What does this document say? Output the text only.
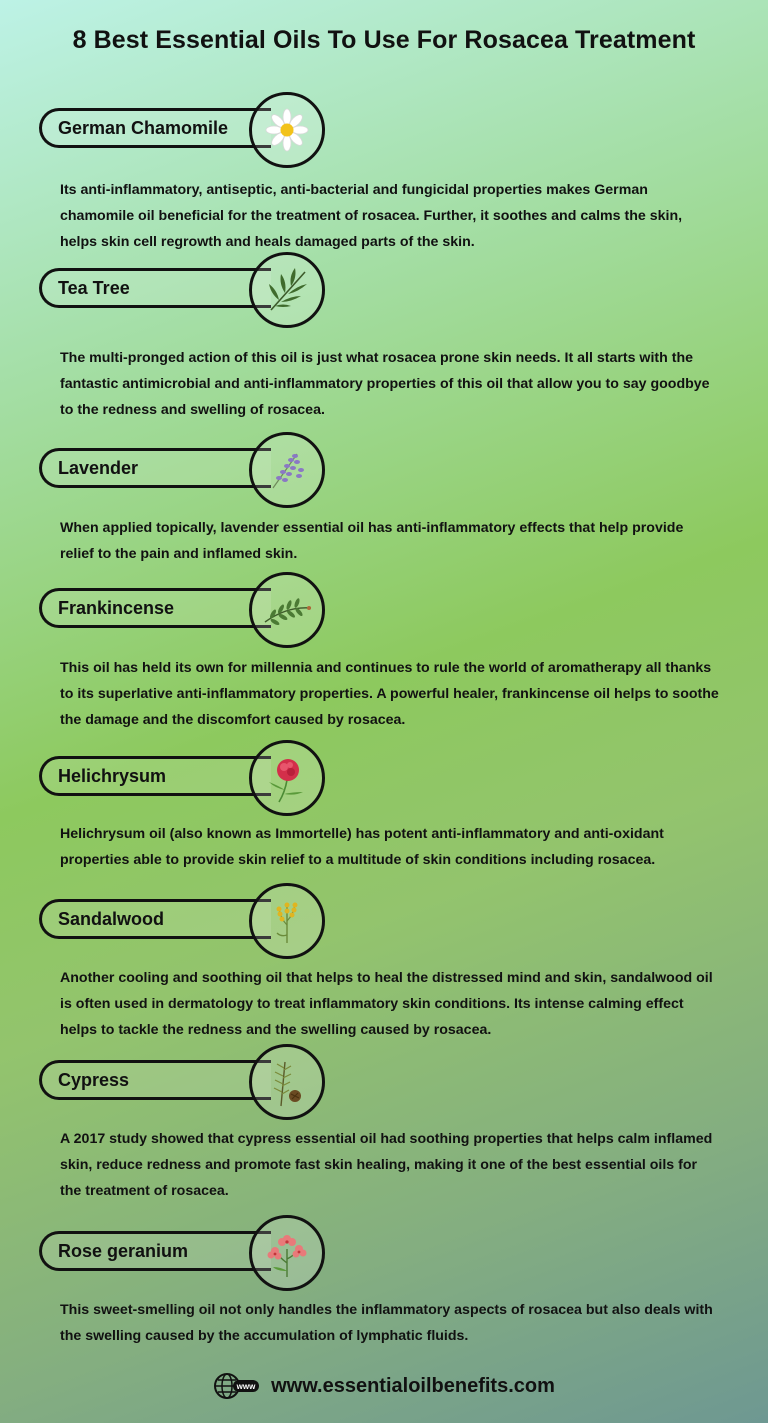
8 Best Essential Oils To Use For Rosacea Treatment
German Chamomile
Its anti-inflammatory, antiseptic, anti-bacterial and fungicidal properties makes German chamomile oil beneficial for the treatment of rosacea. Further, it soothes and calms the skin, helps skin cell regrowth and heals damaged parts of the skin.
Tea Tree
The multi-pronged action of this oil is just what rosacea prone skin needs. It all starts with the fantastic antimicrobial and anti-inflammatory properties of this oil that allow you to say goodbye to the redness and swelling of rosacea.
Lavender
When applied topically, lavender essential oil has anti-inflammatory effects that help provide relief to the pain and inflamed skin.
Frankincense
This oil has held its own for millennia and continues to rule the world of aromatherapy all thanks to its superlative anti-inflammatory properties. A powerful healer, frankincense oil helps to soothe the damage and the discomfort caused by rosacea.
Helichrysum
Helichrysum oil (also known as Immortelle) has potent anti-inflammatory and anti-oxidant properties able to provide skin relief to a multitude of skin conditions including rosacea.
Sandalwood
Another cooling and soothing oil that helps to heal the distressed mind and skin, sandalwood oil is often used in dermatology to treat inflammatory skin conditions. Its intense calming effect helps to tackle the redness and the swelling caused by rosacea.
Cypress
A 2017 study showed that cypress essential oil had soothing properties that helps calm inflamed skin, reduce redness and promote fast skin healing, making it one of the best essential oils for the treatment of rosacea.
Rose geranium
This sweet-smelling oil not only handles the inflammatory aspects of rosacea but also deals with the swelling caused by the accumulation of lymphatic fluids.
www www.essentialoilbenefits.com
